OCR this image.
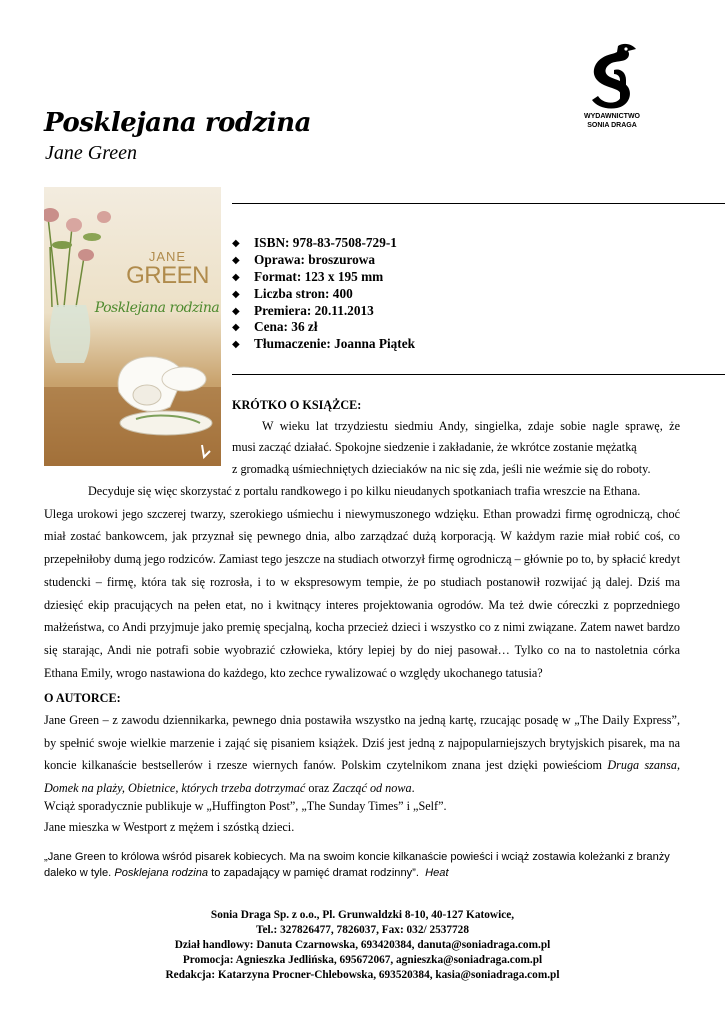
Posklejana rodzina
Jane Green
WYDAWNICTWO
SONIA DRAGA
JANE
GREEN
Posklejana rodzina
◆ ISBN: 978-83-7508-729-1
◆ Oprawa: broszurowa
◆ Format: 123 x 195 mm
◆ Liczba stron: 400
◆ Premiera: 20.11.2013
◆ Cena: 36 zł
◆ Tłumaczenie: Joanna Piątek
KRÓTKO O KSIĄŻCE:
W wieku lat trzydziestu siedmiu Andy, singielka, zdaje sobie nagle sprawę, że
musi zacząć działać. Spokojne siedzenie i zakładanie, że wkrótce zostanie mężatką
z gromadką uśmiechniętych dzieciaków na nic się zda, jeśli nie weźmie się do roboty.
Decyduje się więc skorzystać z portalu randkowego i po kilku nieudanych spotkaniach trafia wreszcie na Ethana.
Ulega urokowi jego szczerej twarzy, szerokiego uśmiechu i niewymuszonego wdzięku. Ethan prowadzi firmę ogrodniczą, choć
miał zostać bankowcem, jak przyznał się pewnego dnia, albo zarządzać dużą korporacją. W każdym razie miał robić coś, co
przepełniłoby dumą jego rodziców. Zamiast tego jeszcze na studiach otworzył firmę ogrodniczą – głównie po to, by spłacić kredyt
studencki – firmę, która tak się rozrosła, i to w ekspresowym tempie, że po studiach postanowił rozwijać ją dalej. Dziś ma
dziesięć ekip pracujących na pełen etat, no i kwitnący interes projektowania ogrodów. Ma też dwie córeczki z poprzedniego
małżeństwa, co Andi przyjmuje jako premię specjalną, kocha przecież dzieci i wszystko co z nimi związane. Zatem nawet bardzo
się starając, Andi nie potrafi sobie wyobrazić człowieka, który lepiej by do niej pasował… Tylko co na to nastoletnia córka
Ethana Emily, wrogo nastawiona do każdego, kto zechce rywalizować o względy ukochanego tatusia?
O AUTORCE:
Jane Green – z zawodu dziennikarka, pewnego dnia postawiła wszystko na jedną kartę, rzucając posadę w „The Daily Express”,
by spełnić swoje wielkie marzenie i zająć się pisaniem książek. Dziś jest jedną z najpopularniejszych brytyjskich pisarek, ma na
koncie kilkanaście bestsellerów i rzesze wiernych fanów. Polskim czytelnikom znana jest dzięki powieściom Druga szansa,
Domek na plaży, Obietnice, których trzeba dotrzymać oraz Zacząć od nowa.
Wciąż sporadycznie publikuje w „Huffington Post”, „The Sunday Times” i „Self”.
Jane mieszka w Westport z mężem i szóstką dzieci.
„Jane Green to królowa wśród pisarek kobiecych. Ma na swoim koncie kilkanaście powieści i wciąż zostawia koleżanki z branży daleko w tyle. Posklejana rodzina to zapadający w pamięć dramat rodzinny”. Heat
Sonia Draga Sp. z o.o., Pl. Grunwaldzki 8-10, 40-127 Katowice,
Tel.: 327826477, 7826037, Fax: 032/ 2537728
Dział handlowy: Danuta Czarnowska, 693420384, danuta@soniadraga.com.pl
Promocja: Agnieszka Jedlińska, 695672067, agnieszka@soniadraga.com.pl
Redakcja: Katarzyna Procner-Chlebowska, 693520384, kasia@soniadraga.com.pl
